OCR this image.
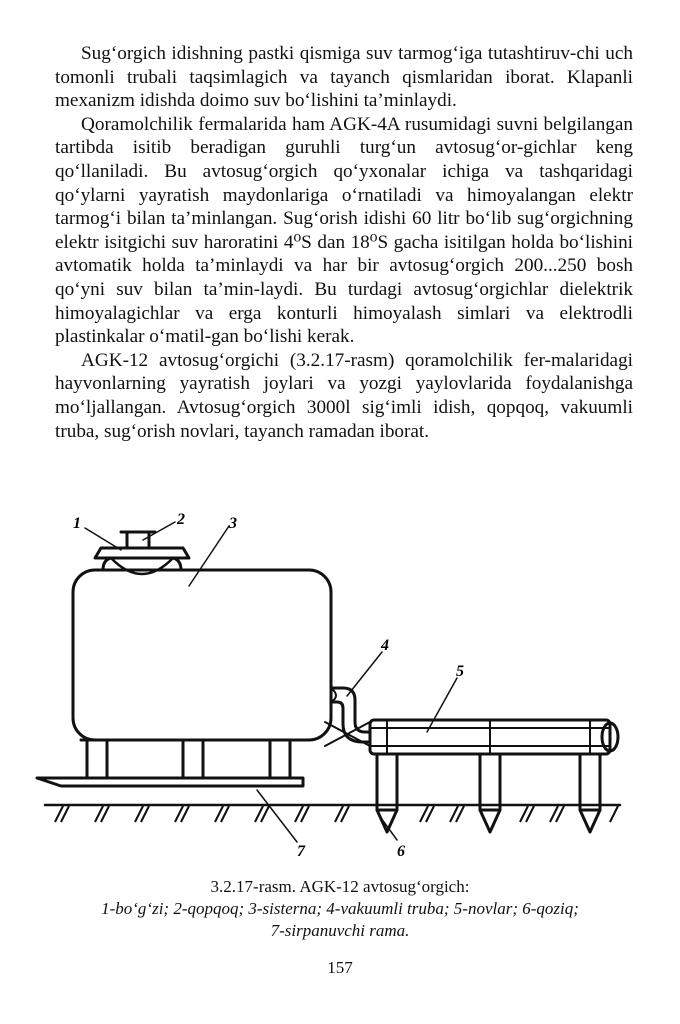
Sug‘orgich idishning pastki qismiga suv tarmog‘iga tutashtiruv-chi uch tomonli trubali taqsimlagich va tayanch qismlaridan iborat. Klapanli mexanizm idishda doimo suv bo‘lishini ta’minlaydi.

Qoramolchilik fermalarida ham AGK-4A rusumidagi suvni belgilangan tartibda isitib beradigan guruhli turg‘un avtosug‘or-gichlar keng qo‘llaniladi. Bu avtosug‘orgich qo‘yxonalar ichiga va tashqaridagi qo‘ylarni yayratish maydonlariga o‘rnatiladi va himoyalangan elektr tarmog‘i bilan ta’minlangan. Sug‘orish idishi 60 litr bo‘lib sug‘orgichning elektr isitgichi suv haroratini 4⁰S dan 18⁰S gacha isitilgan holda bo‘lishini avtomatik holda ta’minlaydi va har bir avtosug‘orgich 200...250 bosh qo‘yni suv bilan ta’min-laydi. Bu turdagi avtosug‘orgichlar dielektrik himoyalagichlar va erga konturli himoyalash simlari va elektrodli plastinkalar o‘matil-gan bo‘lishi kerak.

AGK-12 avtosug‘orgichi (3.2.17-rasm) qoramolchilik fer-malaridagi hayvonlarning yayratish joylari va yozgi yaylovlarida foydalanishga mo‘ljallangan. Avtosug‘orgich 3000l sig‘imli idish, qopqoq, vakuumli truba, sug‘orish novlari, tayanch ramadan iborat.

1	2	3
4
5
6
7
3.2.17-rasm. AGK-12 avtosug‘orgich:
1-bo‘g‘zi; 2-qopqoq; 3-sisterna; 4-vakuumli truba; 5-novlar; 6-qoziq;
7-sirpanuvchi rama.
157
